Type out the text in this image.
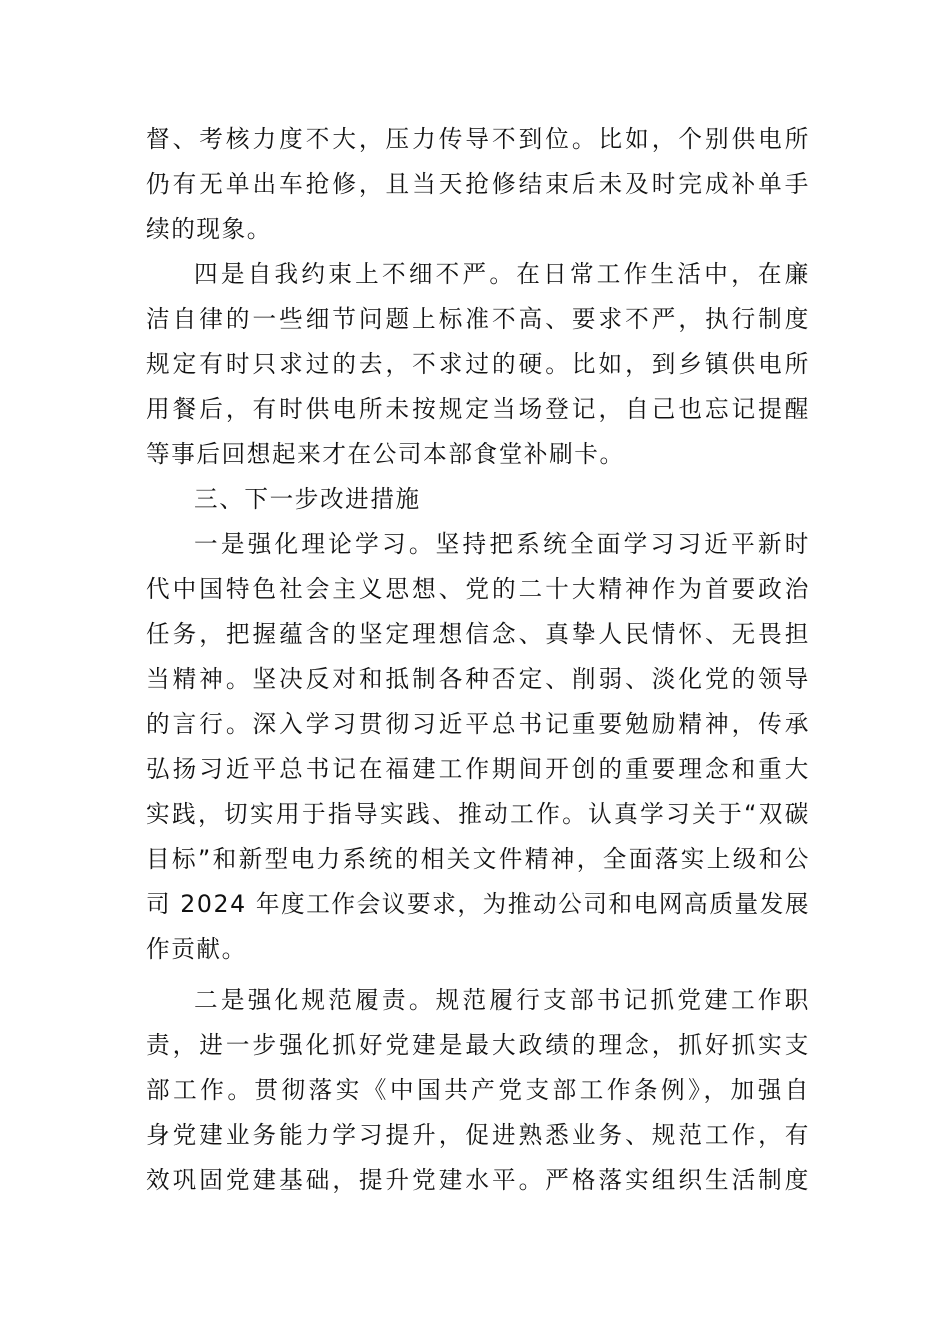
督、考核力度不大，压力传导不到位。比如，个别供电所
仍有无单出车抢修，且当天抢修结束后未及时完成补单手
续的现象。
四是自我约束上不细不严。在日常工作生活中，在廉
洁自律的一些细节问题上标准不高、要求不严，执行制度
规定有时只求过的去，不求过的硬。比如，到乡镇供电所
用餐后，有时供电所未按规定当场登记，自己也忘记提醒
等事后回想起来才在公司本部食堂补刷卡。
三、下一步改进措施
一是强化理论学习。坚持把系统全面学习习近平新时
代中国特色社会主义思想、党的二十大精神作为首要政治
任务，把握蕴含的坚定理想信念、真挚人民情怀、无畏担
当精神。坚决反对和抵制各种否定、削弱、淡化党的领导
的言行。深入学习贯彻习近平总书记重要勉励精神，传承
弘扬习近平总书记在福建工作期间开创的重要理念和重大
实践，切实用于指导实践、推动工作。认真学习关于“双碳
目标”和新型电力系统的相关文件精神，全面落实上级和公
司 2024 年度工作会议要求，为推动公司和电网高质量发展
作贡献。
二是强化规范履责。规范履行支部书记抓党建工作职
责，进一步强化抓好党建是最大政绩的理念，抓好抓实支
部工作。贯彻落实《中国共产党支部工作条例》，加强自
身党建业务能力学习提升，促进熟悉业务、规范工作，有
效巩固党建基础，提升党建水平。严格落实组织生活制度
